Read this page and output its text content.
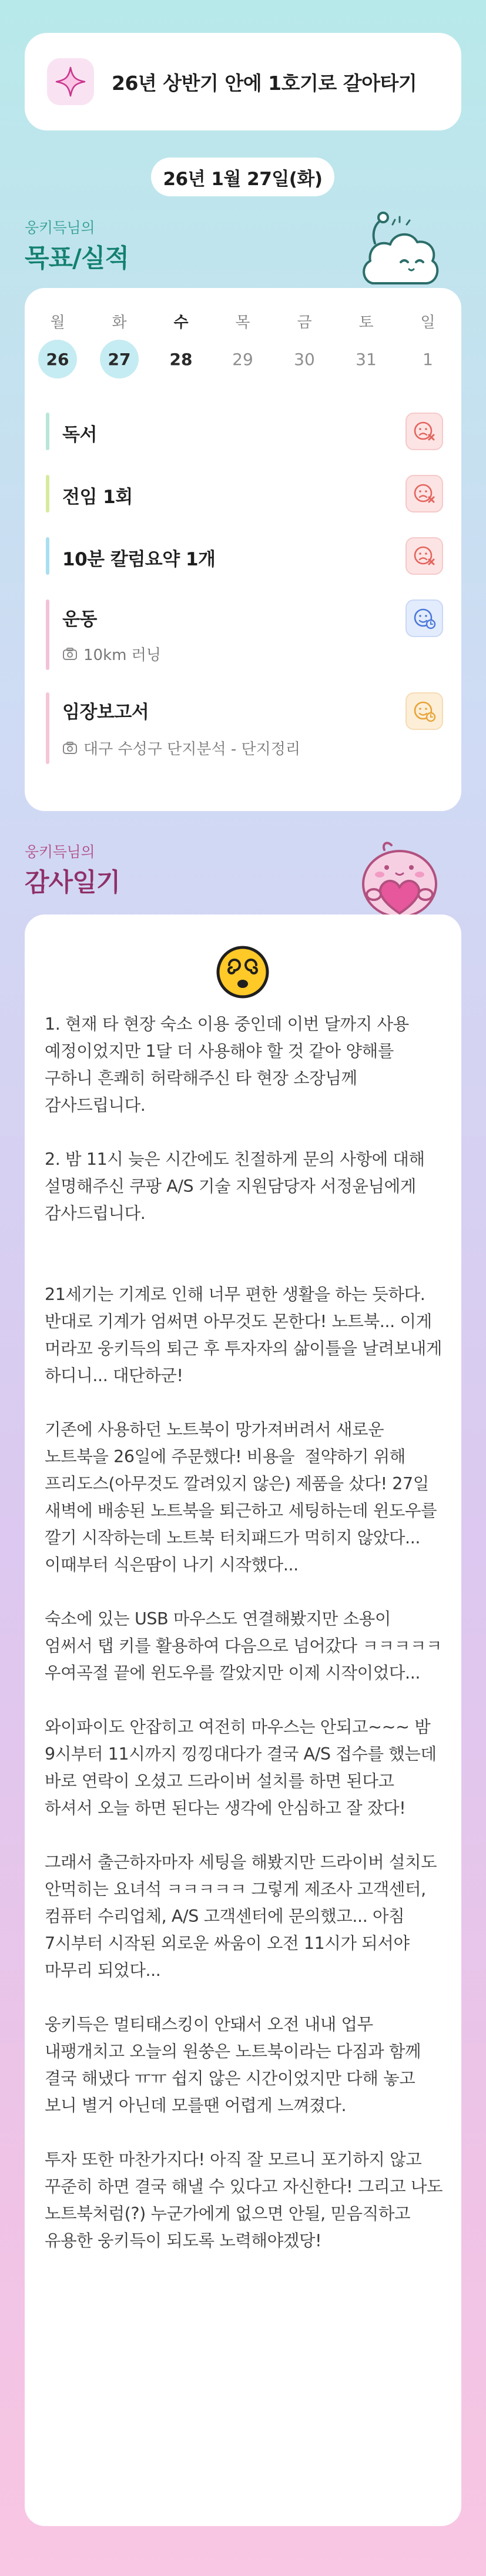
26년 상반기 안에 1호기로 갈아타기
26년 1월 27일(화)
웅키득님의
목표/실적
월
26
화
27
수
28
목
29
금
30
토
31
일
1
독서
전임 1회
10분 칼럼요약 1개
운동
10km 러닝
임장보고서
대구 수성구 단지분석 - 단지정리
웅키득님의
감사일기
1. 현재 타 현장 숙소 이용 중인데 이번 달까지 사용 예정이었지만 1달 더 사용해야 할 것 같아 양해를 구하니 흔쾌히 허락해주신 타 현장 소장님께 감사드립니다.

2. 밤 11시 늦은 시간에도 친절하게 문의 사항에 대해 설명해주신 쿠팡 A/S 기술 지원담당자 서정윤님에게 감사드립니다.

21세기는 기계로 인해 너무 편한 생활을 하는 듯하다. 반대로 기계가 엄써면 아무것도 몬한다! 노트북... 이게 머라꼬 웅키득의 퇴근 후 투자자의 삶이틀을 날려보내게 하디니... 대단하군!

기존에 사용하던 노트북이 망가져버려서 새로운 노트북을 26일에 주문했다! 비용을  절약하기 위해 프리도스(아무것도 깔려있지 않은) 제품을 샀다! 27일 새벽에 배송된 노트북을 퇴근하고 세팅하는데 윈도우를 깔기 시작하는데 노트북 터치패드가 먹히지 않았다... 이때부터 식은땀이 나기 시작했다...

숙소에 있는 USB 마우스도 연결해봤지만 소용이 엄써서 탭 키를 활용하여 다음으로 넘어갔다 ㅋㅋㅋㅋㅋ 우여곡절 끝에 윈도우를 깔았지만 이제 시작이었다...

와이파이도 안잡히고 여전히 마우스는 안되고~~~ 밤 9시부터 11시까지 낑낑대다가 결국 A/S 접수를 했는데 바로 연락이 오셨고 드라이버 설치를 하면 된다고 하셔서 오늘 하면 된다는 생각에 안심하고 잘 잤다!

그래서 출근하자마자 세팅을 해봤지만 드라이버 설치도 안먹히는 요녀석 ㅋㅋㅋㅋㅋ 그렇게 제조사 고객센터, 컴퓨터 수리업체, A/S 고객센터에 문의했고... 아침 7시부터 시작된 외로운 싸움이 오전 11시가 되서야 마무리 되었다...

웅키득은 멀티태스킹이 안돼서 오전 내내 업무 내팽개치고 오늘의 원쑹은 노트북이라는 다짐과 함께 결국 해냈다 ㅠㅠ 쉽지 않은 시간이었지만 다해 놓고 보니 별거 아닌데 모를땐 어렵게 느껴졌다.

투자 또한 마찬가지다! 아직 잘 모르니 포기하지 않고 꾸준히 하면 결국 해낼 수 있다고 자신한다! 그리고 나도 노트북처럼(?) 누군가에게 없으면 안될, 믿음직하고 유용한 웅키득이 되도록 노력해야겠당!
